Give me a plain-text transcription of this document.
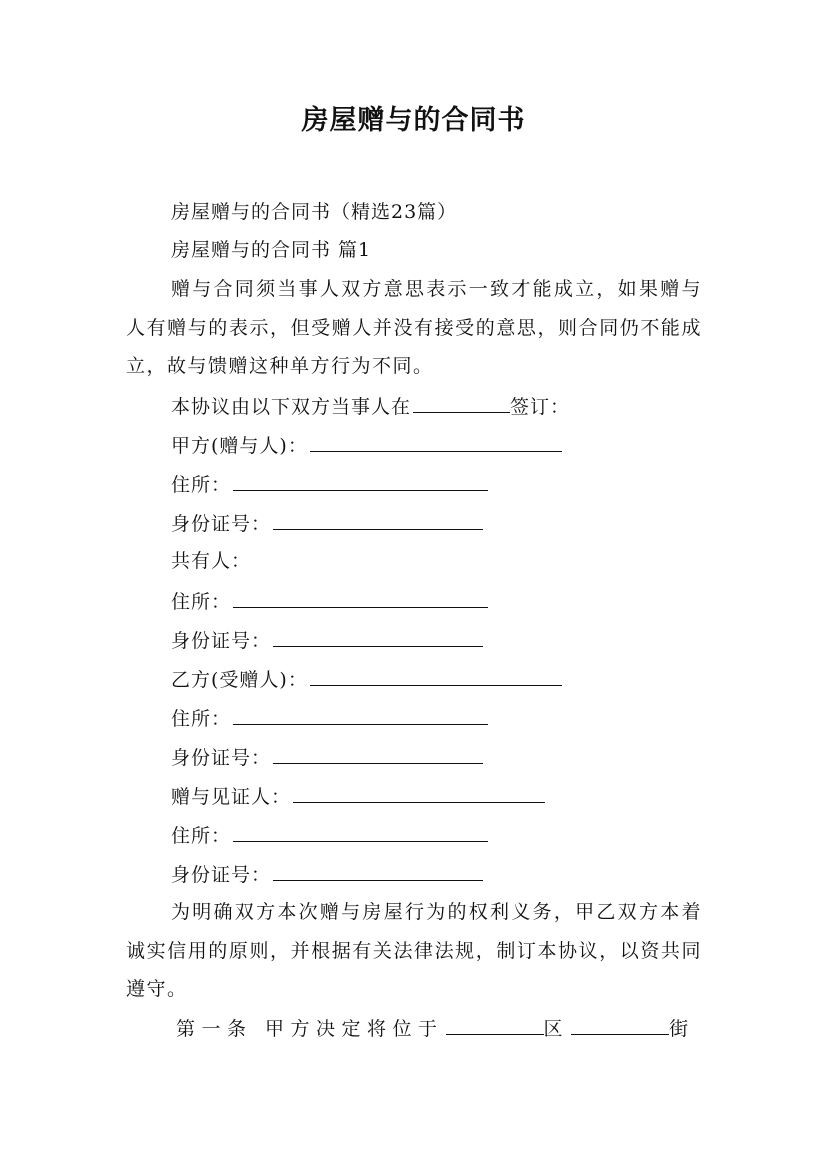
房屋赠与的合同书
房屋赠与的合同书（精选23篇）
房屋赠与的合同书 篇1
赠与合同须当事人双方意思表示一致才能成立，如果赠与人有赠与的表示，但受赠人并没有接受的意思，则合同仍不能成立，故与馈赠这种单方行为不同。
本协议由以下双方当事人在	签订：
甲方(赠与人)：
住所：
身份证号：
共有人：
住所：
身份证号：
乙方(受赠人)：
住所：
身份证号：
赠与见证人：
住所：
身份证号：
为明确双方本次赠与房屋行为的权利义务，甲乙双方本着诚实信用的原则，并根据有关法律法规，制订本协议，以资共同遵守。
第一条 甲方决定将位于	区	街
